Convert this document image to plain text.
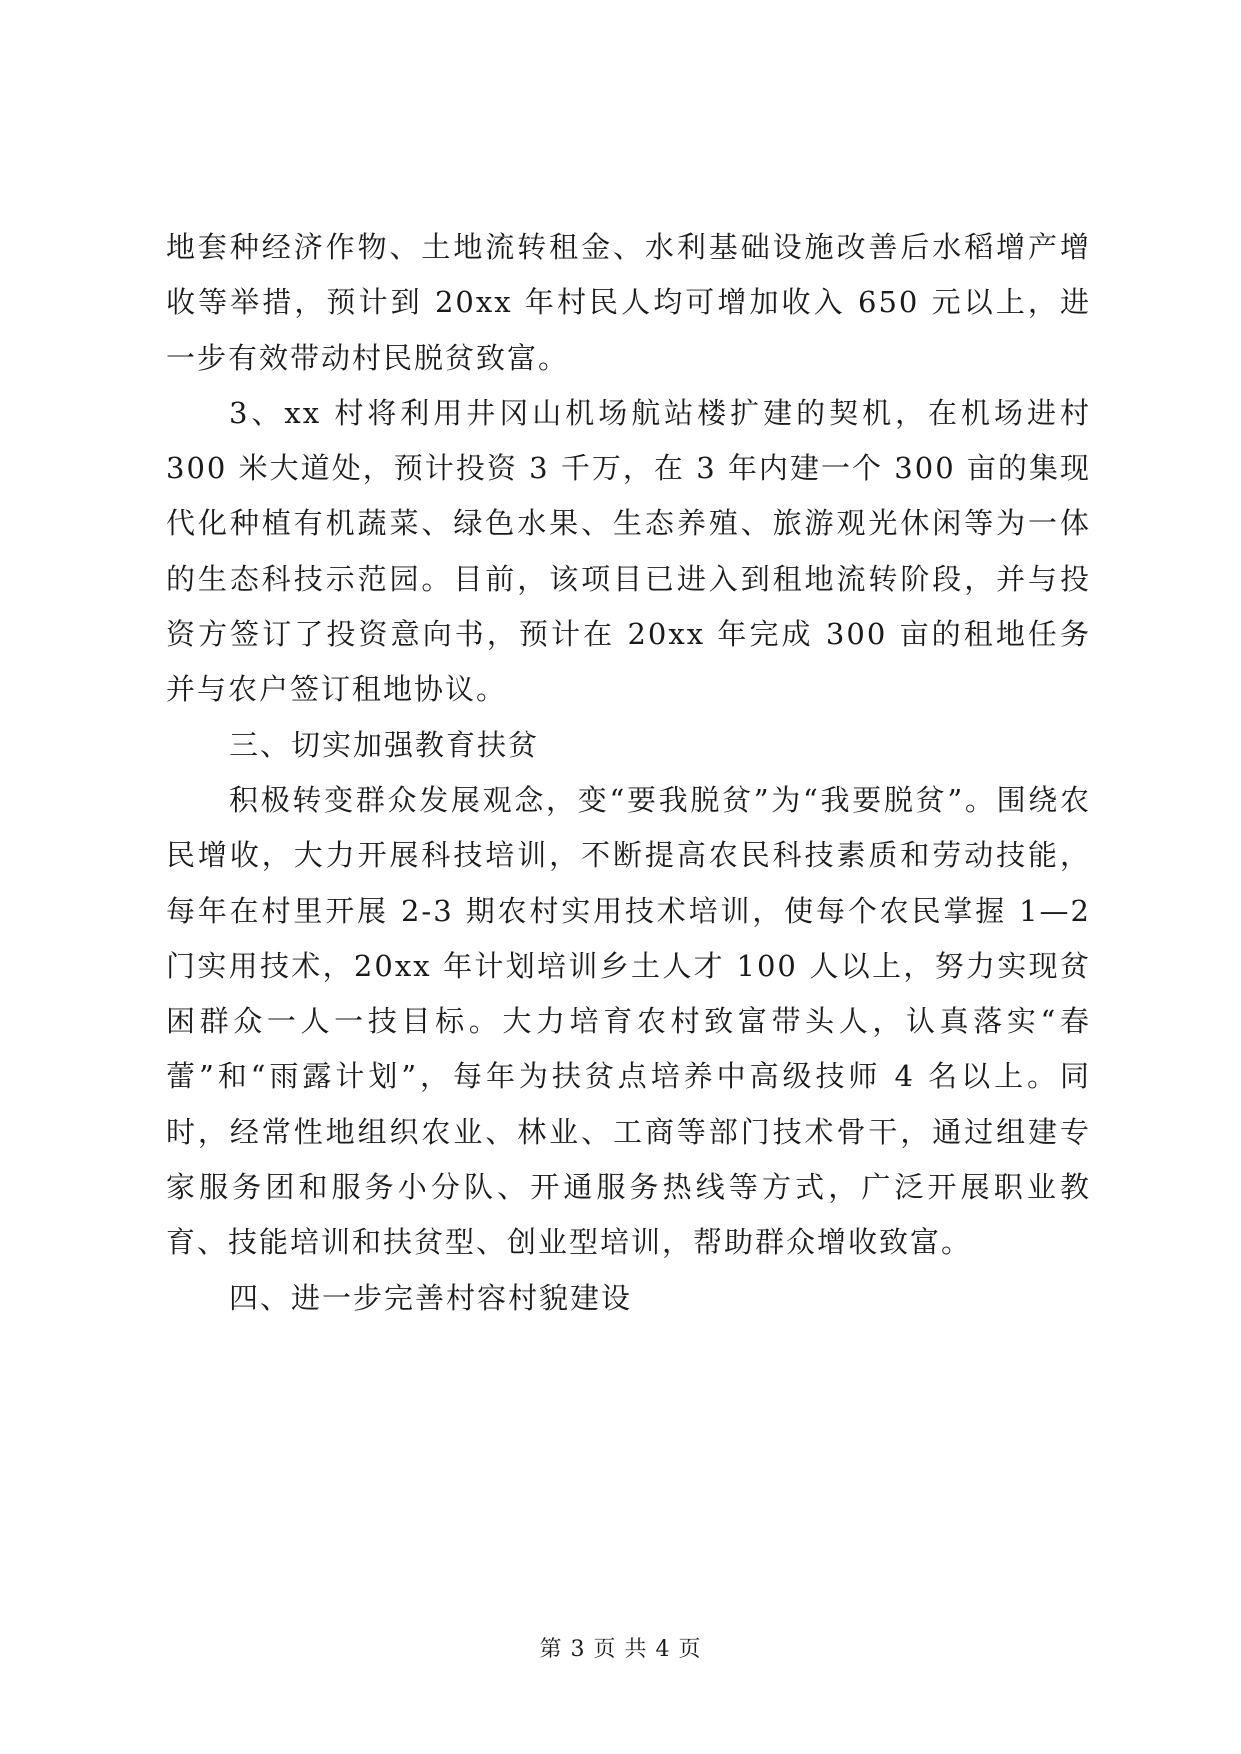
地套种经济作物、土地流转租金、水利基础设施改善后水稻增产增收等举措，预计到 20xx 年村民人均可增加收入 650 元以上，进一步有效带动村民脱贫致富。

3、xx 村将利用井冈山机场航站楼扩建的契机，在机场进村 300 米大道处，预计投资 3 千万，在 3 年内建一个 300 亩的集现代化种植有机蔬菜、绿色水果、生态养殖、旅游观光休闲等为一体的生态科技示范园。目前，该项目已进入到租地流转阶段，并与投资方签订了投资意向书，预计在 20xx 年完成 300 亩的租地任务并与农户签订租地协议。

三、切实加强教育扶贫

积极转变群众发展观念，变“要我脱贫”为“我要脱贫”。围绕农民增收，大力开展科技培训，不断提高农民科技素质和劳动技能，每年在村里开展 2-3 期农村实用技术培训，使每个农民掌握 1—2 门实用技术，20xx 年计划培训乡土人才 100 人以上，努力实现贫困群众一人一技目标。大力培育农村致富带头人，认真落实“春蕾”和“雨露计划”，每年为扶贫点培养中高级技师 4 名以上。同时，经常性地组织农业、林业、工商等部门技术骨干，通过组建专家服务团和服务小分队、开通服务热线等方式，广泛开展职业教育、技能培训和扶贫型、创业型培训，帮助群众增收致富。

四、进一步完善村容村貌建设

第 3 页 共 4 页
